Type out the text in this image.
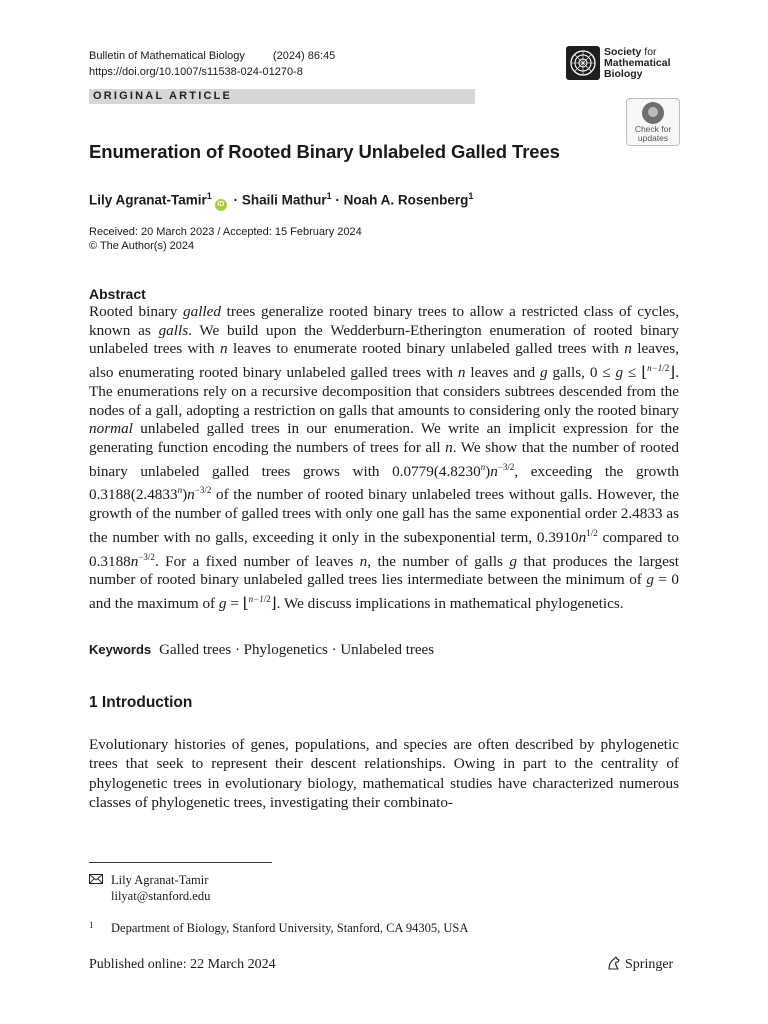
Bulletin of Mathematical Biology	(2024) 86:45
https://doi.org/10.1007/s11538-024-01270-8
Society for
Mathematical
Biology
ORIGINAL ARTICLE
Check for
updates
Enumeration of Rooted Binary Unlabeled Galled Trees
Lily Agranat-Tamir$^1$iD · Shaili Mathur$^1$ · Noah A. Rosenberg$^1$
Received: 20 March 2023 / Accepted: 15 February 2024
© The Author(s) 2024
Abstract

Rooted binary galled trees generalize rooted binary trees to allow a restricted class of cycles, known as galls. We build upon the Wedderburn-Etherington enumeration of rooted binary unlabeled trees with n leaves to enumerate rooted binary unlabeled galled trees with n leaves, also enumerating rooted binary unlabeled galled trees with n leaves and g galls, 0 ≤ g ≤ ⌊$^{n-1/2}$⌋. The enumerations rely on a recursive decomposition that considers subtrees descended from the nodes of a gall, adopting a restriction on galls that amounts to considering only the rooted binary normal unlabeled galled trees in our enumeration. We write an implicit expression for the generating function encoding the numbers of trees for all n. We show that the number of rooted binary unlabeled galled trees grows with $0.0779(4.8230^n)n^{-3/2}$, exceeding the growth $0.3188(2.4833^n)n^{-3/2}$ of the number of rooted binary unlabeled trees without galls. However, the growth of the number of galled trees with only one gall has the same exponential order 2.4833 as the number with no galls, exceeding it only in the subexponential term, $0.3910n^{1/2}$ compared to $0.3188n^{-3/2}$. For a fixed number of leaves n, the number of galls g that produces the largest number of rooted binary unlabeled galled trees lies intermediate between the minimum of g = 0 and the maximum of g = ⌊$^{n-1/2}$⌋. We discuss implications in mathematical phylogenetics.

Keywords Galled trees · Phylogenetics · Unlabeled trees
1 Introduction

Evolutionary histories of genes, populations, and species are often described by phylogenetic trees that seek to represent their descent relationships. Owing in part to the centrality of phylogenetic trees in evolutionary biology, mathematical studies have characterized numerous classes of phylogenetic trees, investigating their combinato-

Lily Agranat-Tamir
lilyat@stanford.edu
1 Department of Biology, Stanford University, Stanford, CA 94305, USA
Published online: 22 March 2024	Springer
